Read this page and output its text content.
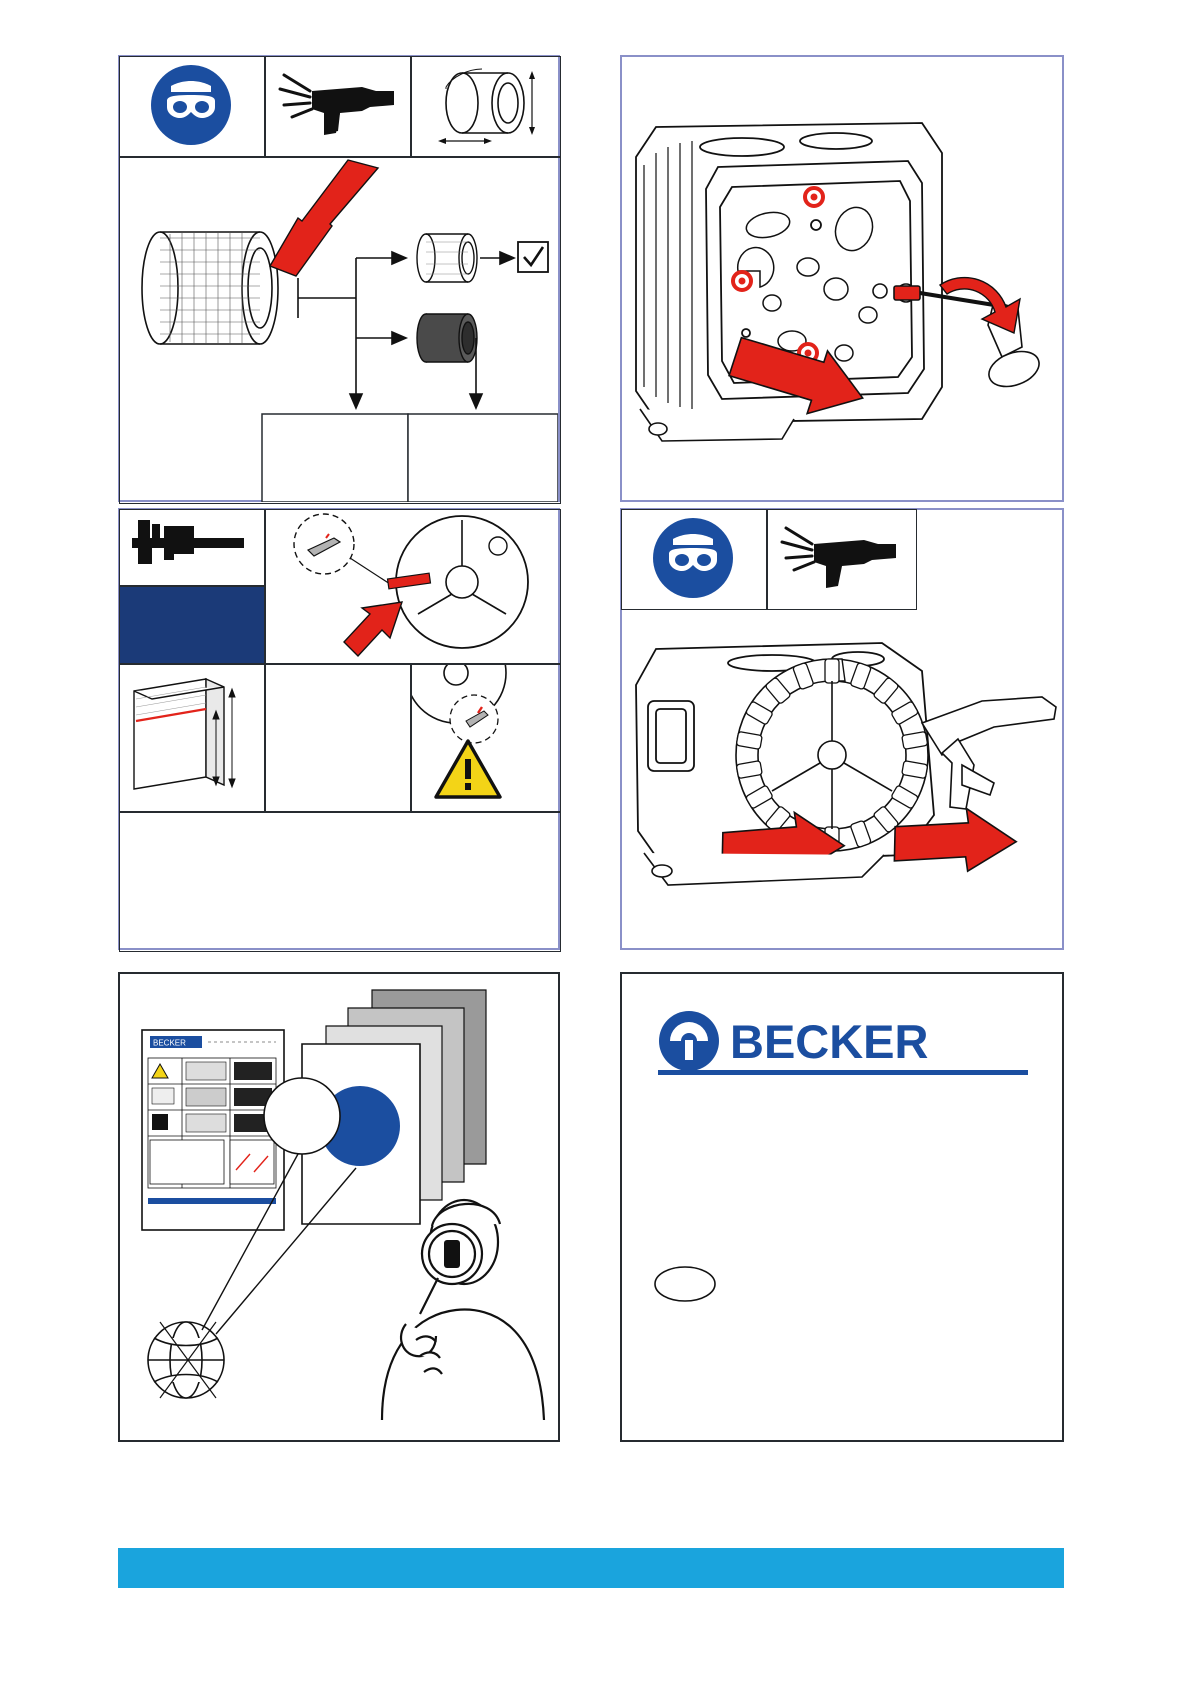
BECKER	BECKER
